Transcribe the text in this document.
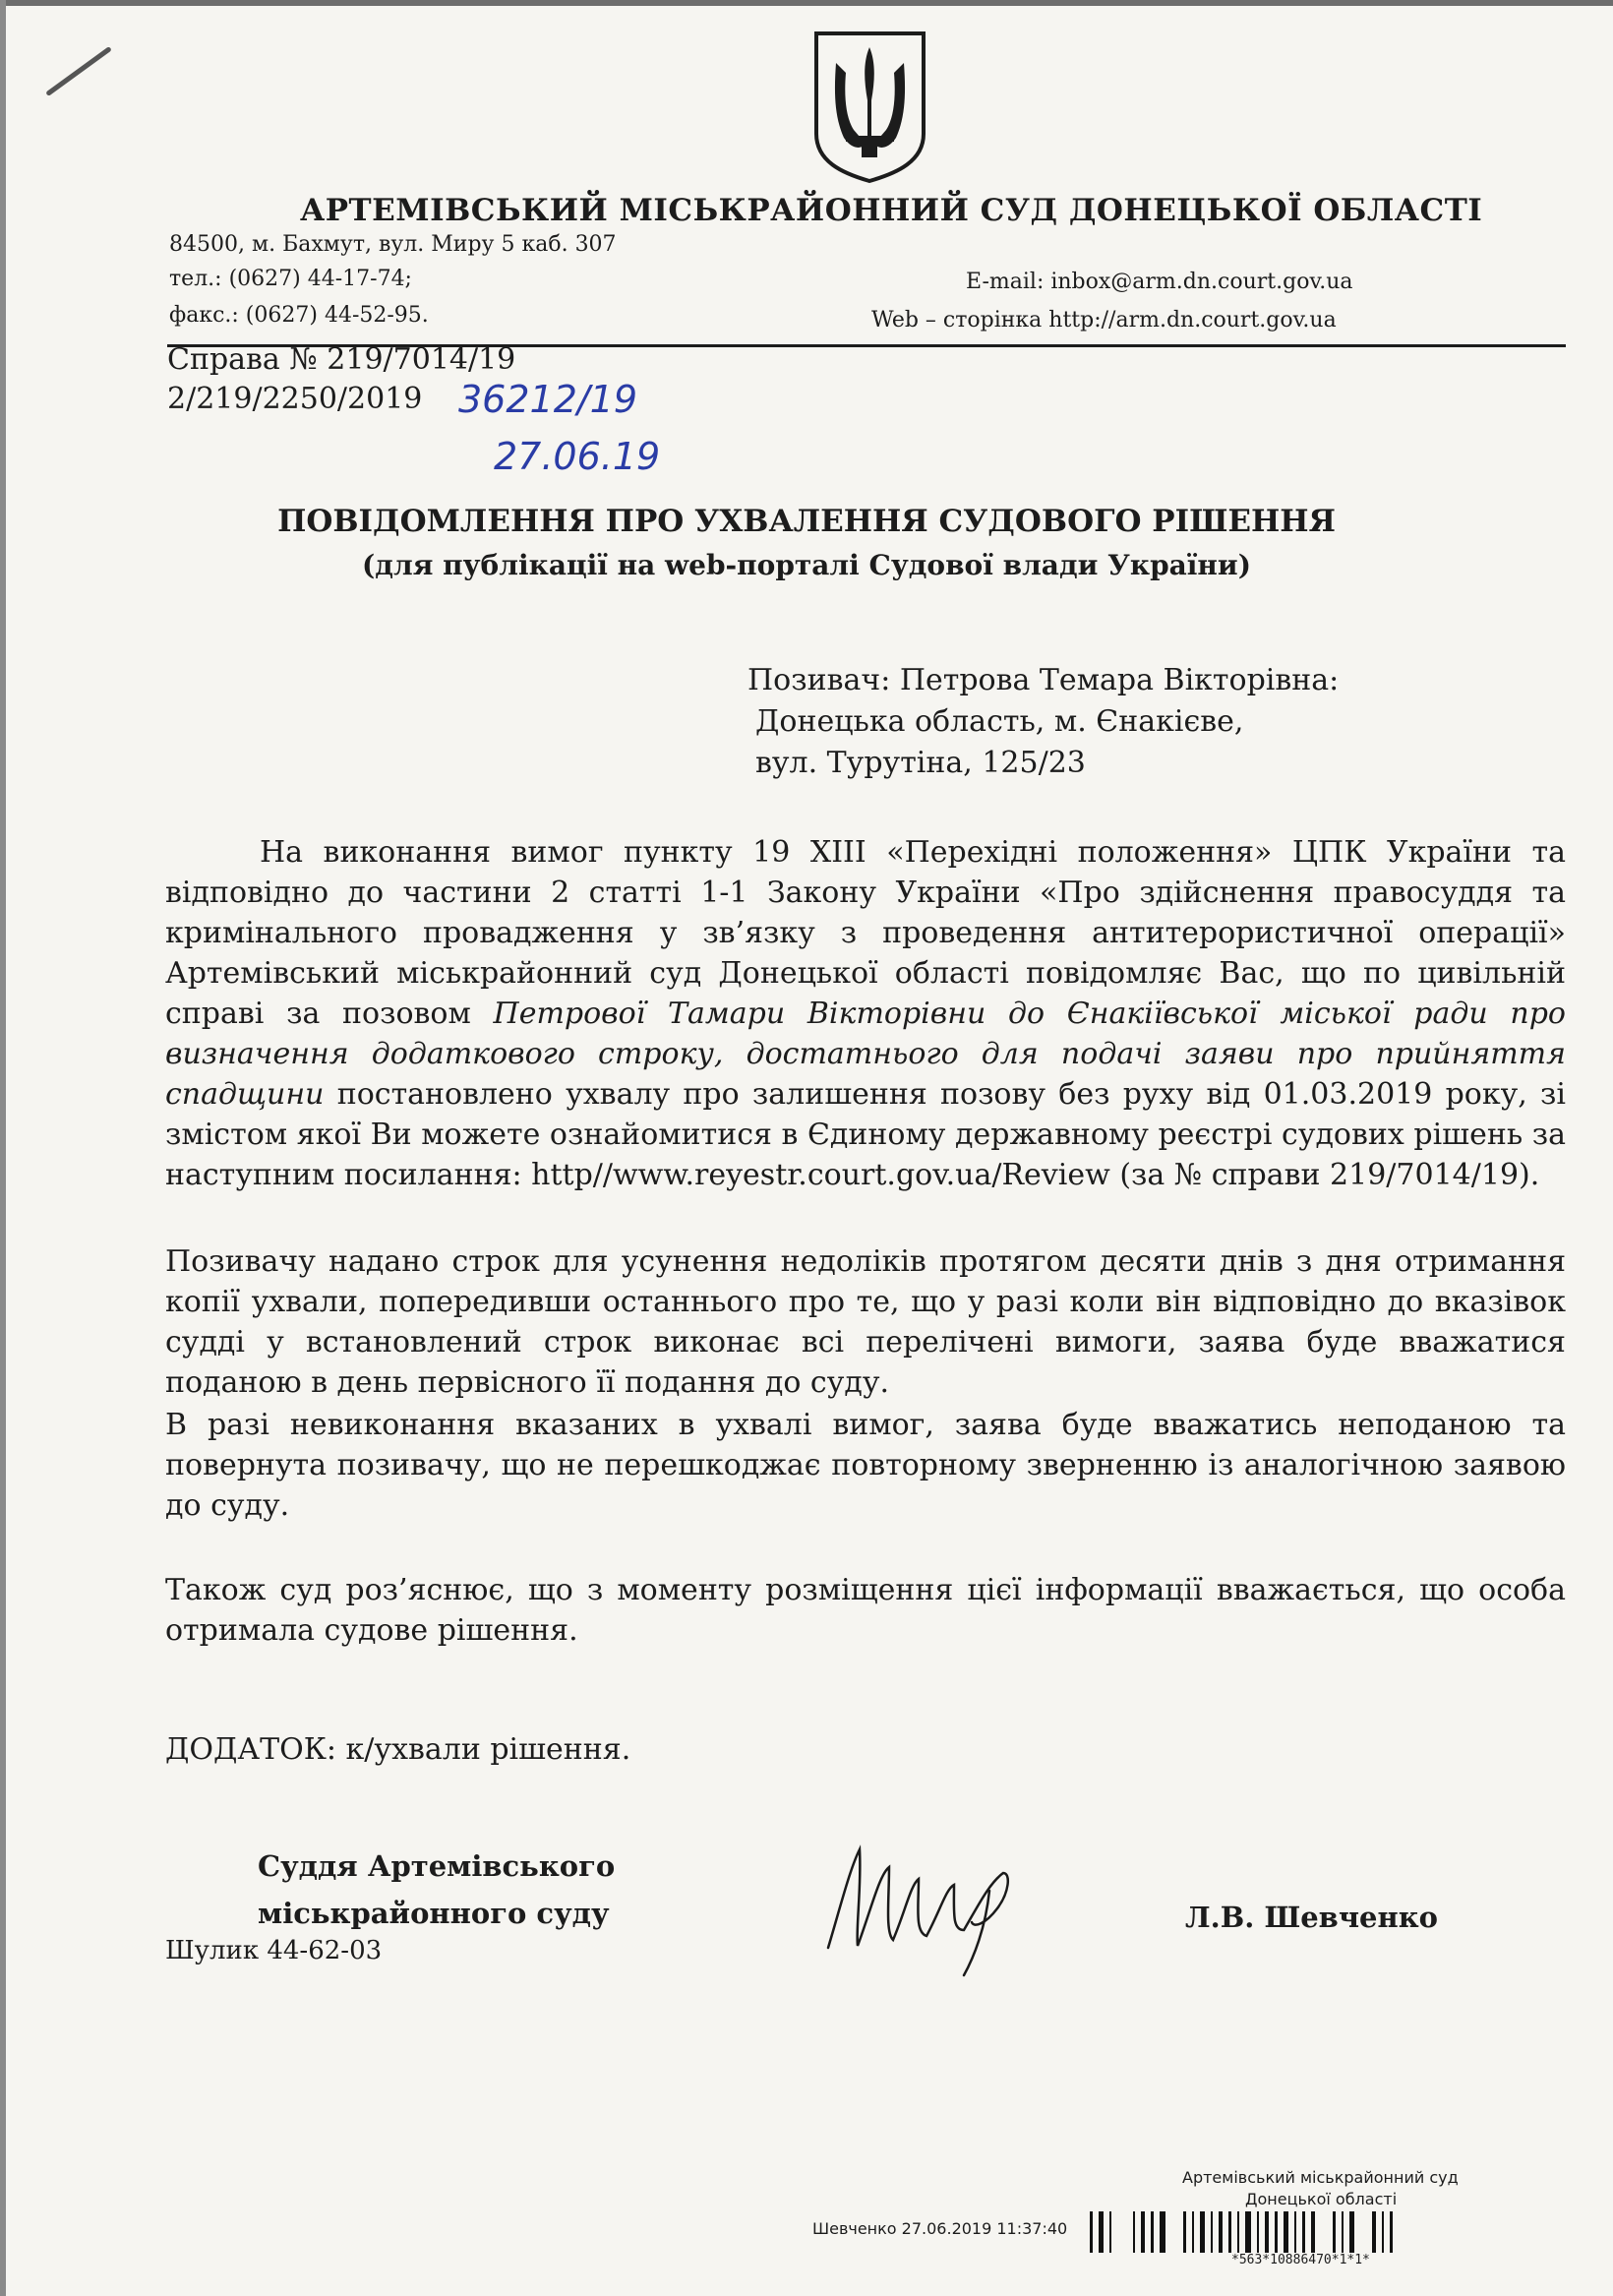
АРТЕМІВСЬКИЙ МІСЬКРАЙОННИЙ СУД ДОНЕЦЬКОЇ ОБЛАСТІ
84500, м. Бахмут, вул. Миру 5 каб. 307
тел.: (0627) 44-17-74;
факс.: (0627) 44-52-95.
E-mail: inbox@arm.dn.court.gov.ua
Web – сторінка http://arm.dn.court.gov.ua
Справа № 219/7014/19
2/219/2250/2019 36212/19
27.06.19
ПОВІДОМЛЕННЯ ПРО УХВАЛЕННЯ СУДОВОГО РІШЕННЯ
(для публікації на web-порталі Судової влади України)
Позивач: Петрова Темара Вікторівна:
Донецька область, м. Єнакієве,
вул. Турутіна, 125/23
На виконання вимог пункту 19 XIII «Перехідні положення» ЦПК України та відповідно до частини 2 статті 1-1 Закону України «Про здійснення правосуддя та кримінального провадження у зв’язку з проведення антитерористичної операції» Артемівський міськрайонний суд Донецької області повідомляє Вас, що по цивільній справі за позовом Петрової Тамари Вікторівни до Єнакіївської міської ради про визначення додаткового строку, достатнього для подачі заяви про прийняття спадщини постановлено ухвалу про залишення позову без руху від 01.03.2019 року, зі змістом якої Ви можете ознайомитися в Єдиному державному реєстрі судових рішень за наступним посилання: http//www.reyestr.court.gov.ua/Review (за № справи 219/7014/19).
Позивачу надано строк для усунення недоліків протягом десяти днів з дня отримання копії ухвали, попередивши останнього про те, що у разі коли він відповідно до вказівок судді у встановлений строк виконає всі перелічені вимоги, заява буде вважатися поданою в день первісного її подання до суду.
В разі невиконання вказаних в ухвалі вимог, заява буде вважатись неподаною та повернута позивачу, що не перешкоджає повторному зверненню із аналогічною заявою до суду.
Також суд роз’яснює, що з моменту розміщення цієї інформації вважається, що особа отримала судове рішення.
ДОДАТОК: к/ухвали рішення.
Суддя Артемівського
міськрайонного суду
Шулик 44-62-03
Л.В. Шевченко
Артемівський міськрайонний суд
Донецької області
Шевченко 27.06.2019 11:37:40
*563*10886470*1*1*
